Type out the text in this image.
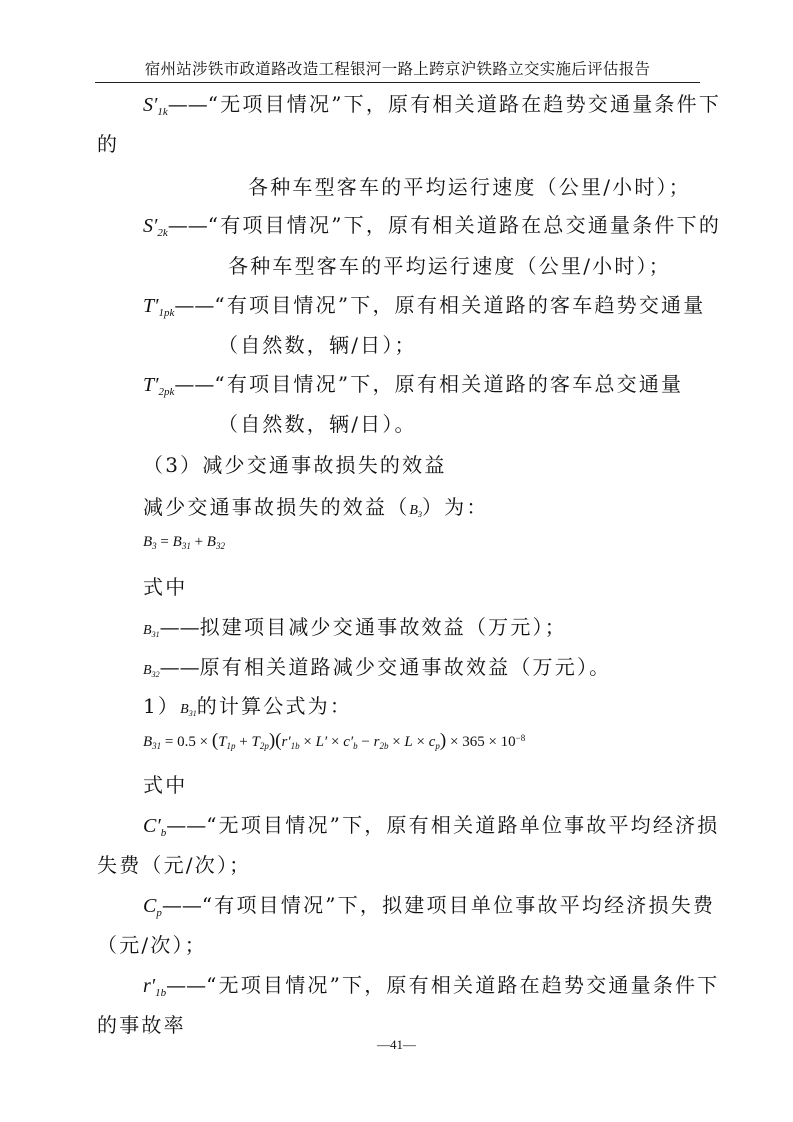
宿州站涉铁市政道路改造工程银河一路上跨京沪铁路立交实施后评估报告
$S'_{1k}——“$无项目情况”下，原有相关道路在趋势交通量条件下
的
各种车型客车的平均运行速度（公里/小时）；
$S'_{2k}——“$有项目情况”下，原有相关道路在总交通量条件下的
各种车型客车的平均运行速度（公里/小时）；
$T'_{1pk}——“$有项目情况”下，原有相关道路的客车趋势交通量
（自然数，辆/日）；
$T'_{2pk}——“$有项目情况”下，原有相关道路的客车总交通量
（自然数，辆/日）。
（3）减少交通事故损失的效益
减少交通事故损失的效益$(B_3)$为：
$B_3 = B_{31} + B_{32}$
式中
$B_{31}——$拟建项目减少交通事故效益（万元）；
$B_{32}——$原有相关道路减少交通事故效益（万元）。
$1)B_{31}$的计算公式为：
$B_{31} = 0.5 \times (T_{1p} + T_{2p})(r'_{1b} \times L' \times c'_b - r_{2b} \times L \times c_p) \times 365 \times 10^{-8}$
式中
$C'_b——“$无项目情况”下，原有相关道路单位事故平均经济损
失费（元/次）；
$C_p——“$有项目情况”下，拟建项目单位事故平均经济损失费
（元/次）；
$r'_{1b}——“$无项目情况”下，原有相关道路在趋势交通量条件下
的事故率
—41—
